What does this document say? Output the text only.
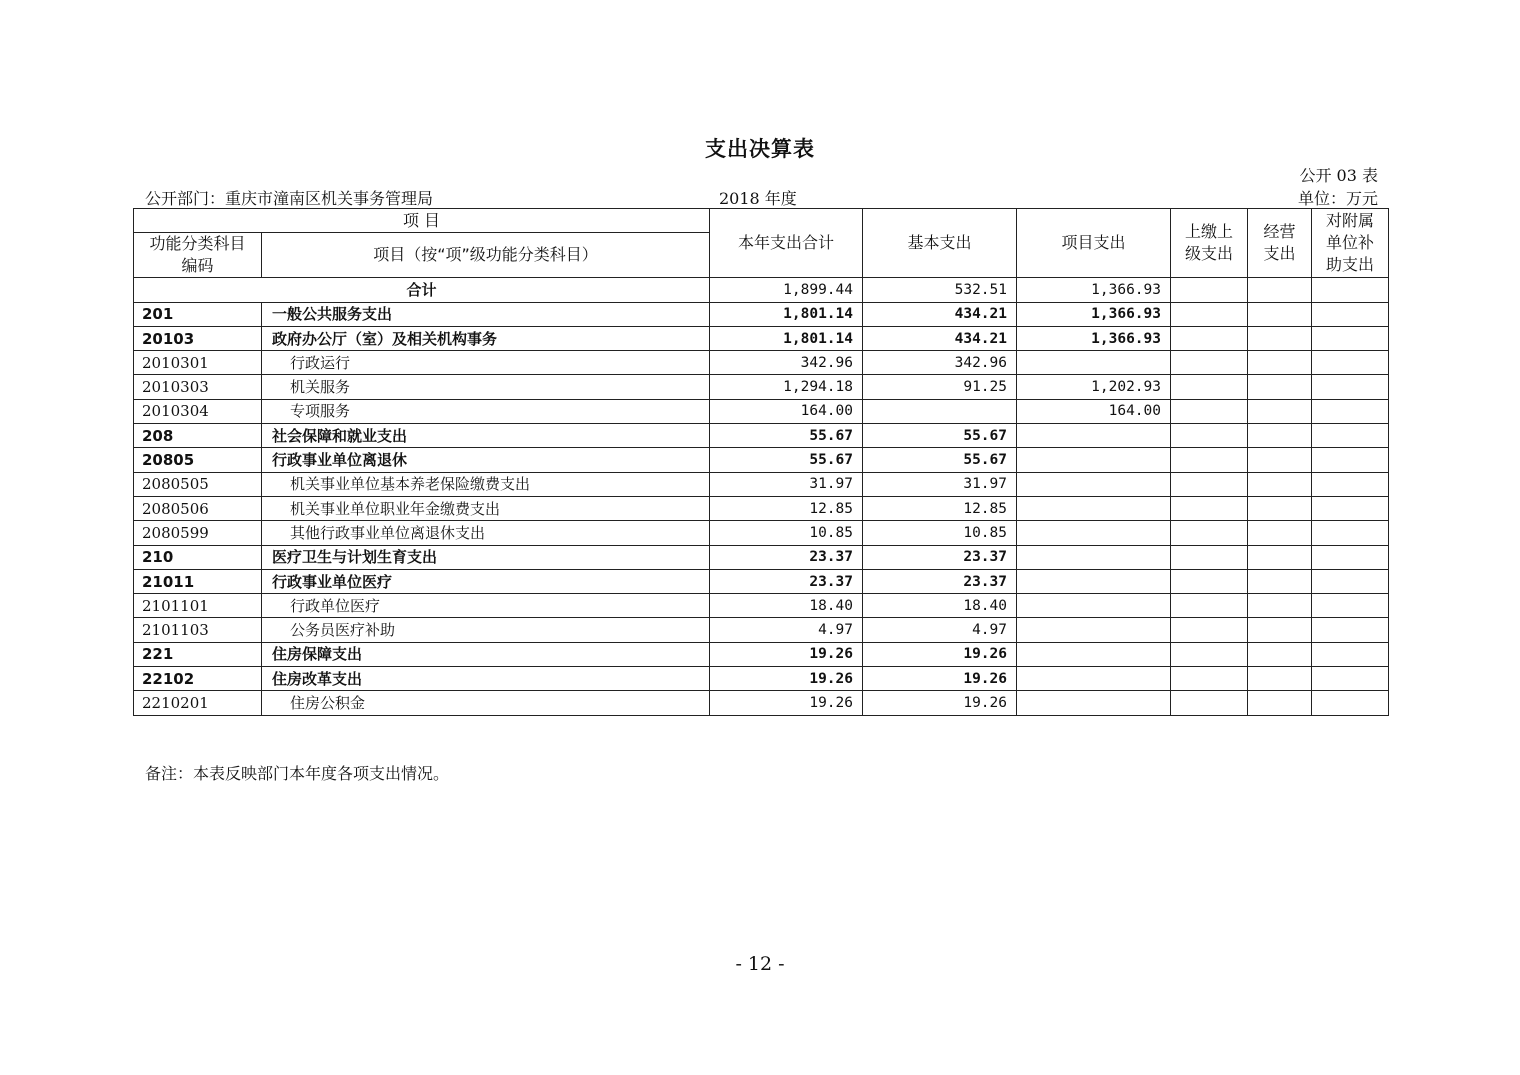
支出决算表
公开 03 表
公开部门：重庆市潼南区机关事务管理局	2018 年度	单位：万元
项 目		本年支出合计	基本支出	项目支出	上缴上级支出	经营支出	对附属单位补助支出
功能分类科目编码	项目（按“项”级功能分类科目）						
合计		1,899.44	532.51	1,366.93			
201	一般公共服务支出	1,801.14	434.21	1,366.93			
20103	政府办公厅（室）及相关机构事务	1,801.14	434.21	1,366.93			
2010301	行政运行	342.96	342.96				
2010303	机关服务	1,294.18	91.25	1,202.93			
2010304	专项服务	164.00		164.00			
208	社会保障和就业支出	55.67	55.67				
20805	行政事业单位离退休	55.67	55.67				
2080505	机关事业单位基本养老保险缴费支出	31.97	31.97				
2080506	机关事业单位职业年金缴费支出	12.85	12.85				
2080599	其他行政事业单位离退休支出	10.85	10.85				
210	医疗卫生与计划生育支出	23.37	23.37				
21011	行政事业单位医疗	23.37	23.37				
2101101	行政单位医疗	18.40	18.40				
2101103	公务员医疗补助	4.97	4.97				
221	住房保障支出	19.26	19.26				
22102	住房改革支出	19.26	19.26				
2210201	住房公积金	19.26	19.26				
备注：本表反映部门本年度各项支出情况。
- 12 -
